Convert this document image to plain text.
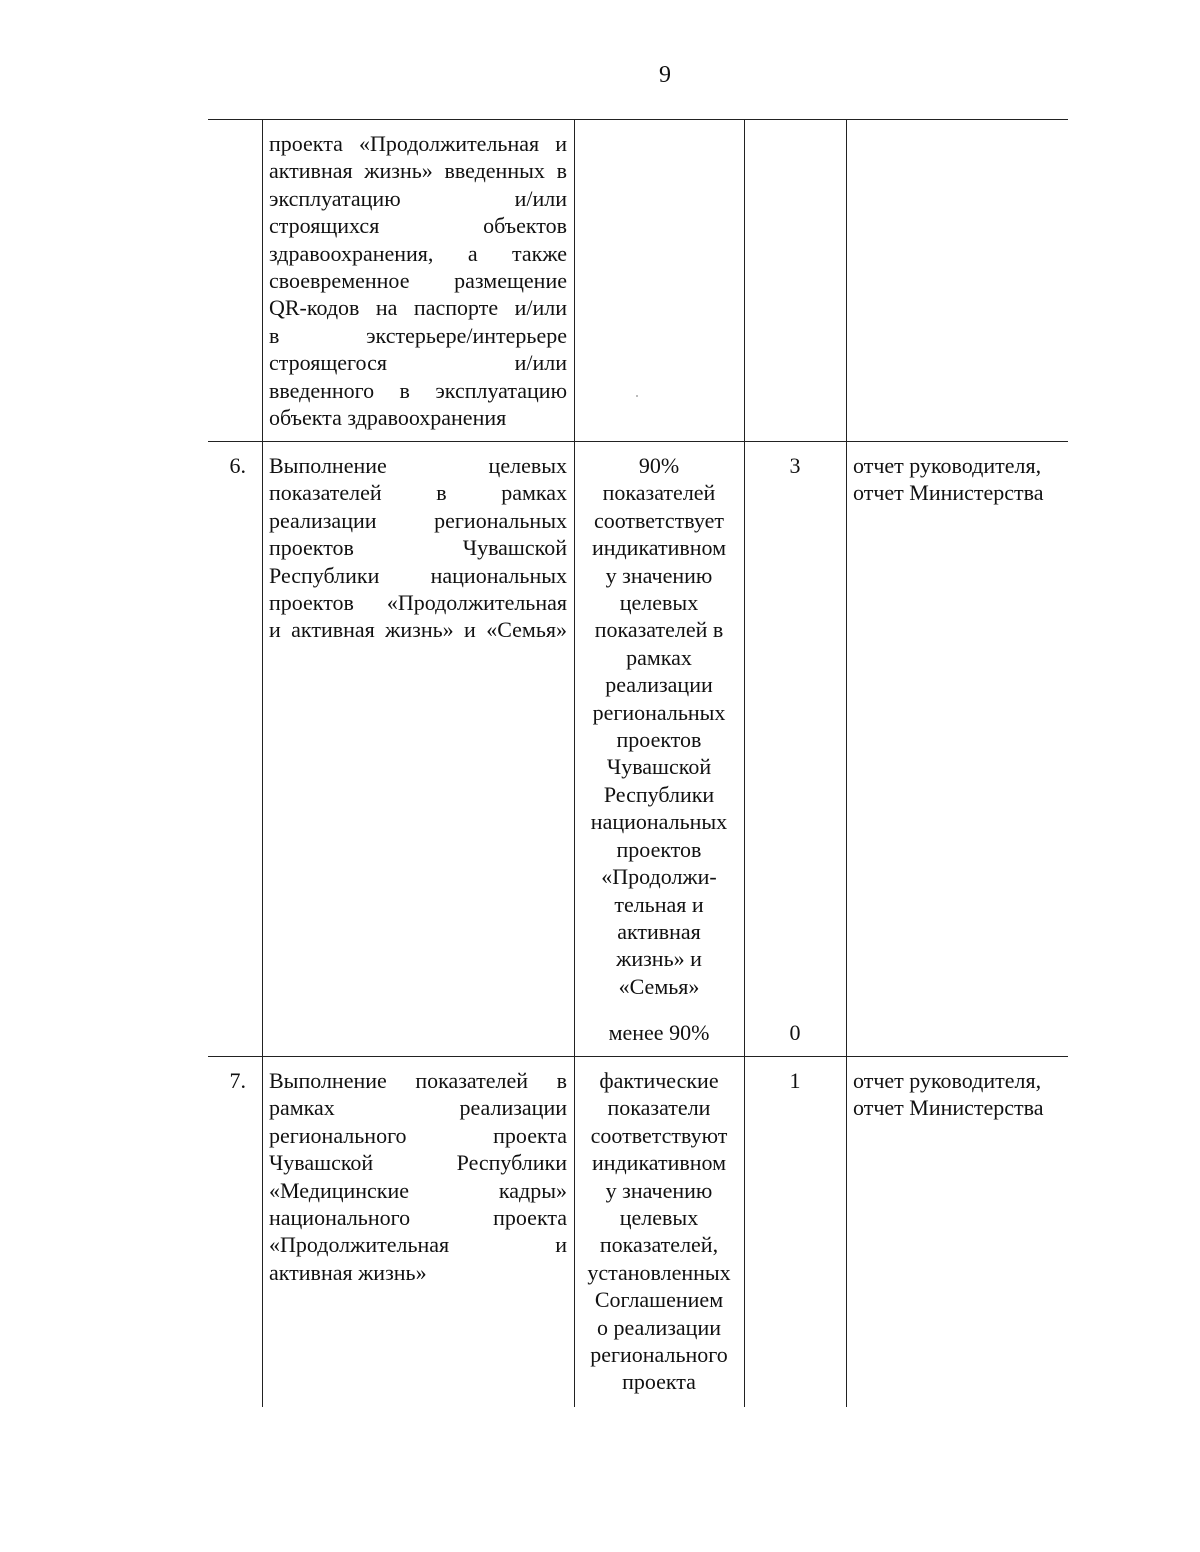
9
проекта «Продолжительная и
активная жизнь» введенных в
эксплуатацию и/или
строящихся объектов
здравоохранения, а также
своевременное размещение
QR-кодов на паспорте и/или
в экстерьере/интерьере
строящегося и/или
введенного в эксплуатацию
объекта здравоохранения
6. Выполнение целевых
показателей в рамках
реализации региональных
проектов Чувашской
Республики национальных
проектов «Продолжительная
и активная жизнь» и «Семья»
90%
показателей
соответствует
индикативном
у значению
целевых
показателей в
рамках
реализации
региональных
проектов
Чувашской
Республики
национальных
проектов
«Продолжи-
тельная и
активная
жизнь» и
«Семья»
3
менее 90%	0
отчет руководителя,
отчет Министерства
7. Выполнение показателей в
рамках реализации
регионального проекта
Чувашской Республики
«Медицинские кадры»
национального проекта
«Продолжительная и
активная жизнь»
фактические
показатели
соответствуют
индикативном
у значению
целевых
показателей,
установленных
Соглашением
о реализации
регионального
проекта
1	отчет руководителя,
отчет Министерства
